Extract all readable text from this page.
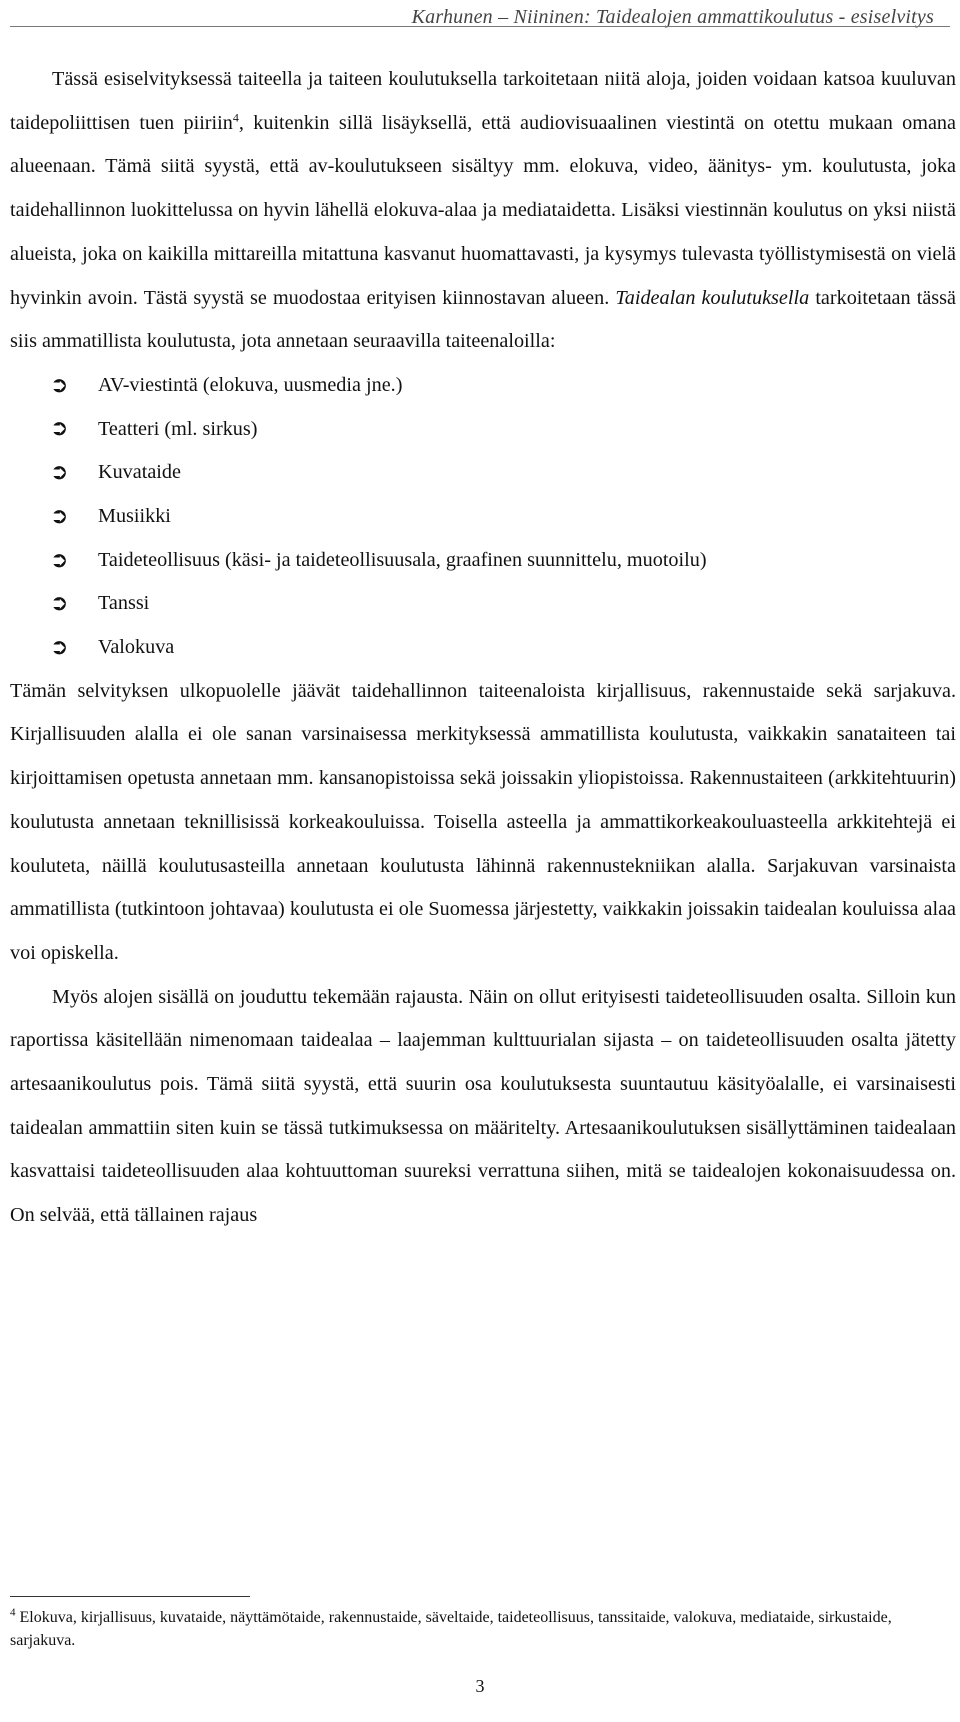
Karhunen – Niininen: Taidealojen ammattikoulutus - esiselvitys

Tässä esiselvityksessä taiteella ja taiteen koulutuksella tarkoitetaan niitä aloja, joiden voidaan katsoa kuuluvan taidepoliittisen tuen piiriin$^4$, kuitenkin sillä lisäyksellä, että audiovisuaalinen viestintä on otettu mukaan omana alueenaan. Tämä siitä syystä, että av-koulutukseen sisältyy mm. elokuva, video, äänitys- ym. koulutusta, joka taidehallinnon luokittelussa on hyvin lähellä elokuva-alaa ja mediataidetta. Lisäksi viestinnän koulutus on yksi niistä alueista, joka on kaikilla mittareilla mitattuna kasvanut huomattavasti, ja kysymys tulevasta työllistymisestä on vielä hyvinkin avoin. Tästä syystä se muodostaa erityisen kiinnostavan alueen. Taidealan koulutuksella tarkoitetaan tässä siis ammatillista koulutusta, jota annetaan seuraavilla taiteenaloilla:

➲	AV-viestintä (elokuva, uusmedia jne.)
➲	Teatteri (ml. sirkus)
➲	Kuvataide
➲	Musiikki
➲	Taideteollisuus (käsi- ja taideteollisuusala, graafinen suunnittelu, muotoilu)
➲	Tanssi
➲	Valokuva

Tämän selvityksen ulkopuolelle jäävät taidehallinnon taiteenaloista kirjallisuus, rakennustaide sekä sarjakuva. Kirjallisuuden alalla ei ole sanan varsinaisessa merkityksessä ammatillista koulutusta, vaikkakin sanataiteen tai kirjoittamisen opetusta annetaan mm. kansanopistoissa sekä joissakin yliopistoissa. Rakennustaiteen (arkkitehtuurin) koulutusta annetaan teknillisissä korkeakouluissa. Toisella asteella ja ammattikorkeakouluasteella arkkitehtejä ei kouluteta, näillä koulutusasteilla annetaan koulutusta lähinnä rakennustekniikan alalla. Sarjakuvan varsinaista ammatillista (tutkintoon johtavaa) koulutusta ei ole Suomessa järjestetty, vaikkakin joissakin taidealan kouluissa alaa voi opiskella.

Myös alojen sisällä on jouduttu tekemään rajausta. Näin on ollut erityisesti taideteollisuuden osalta. Silloin kun raportissa käsitellään nimenomaan taidealaa – laajemman kulttuurialan sijasta – on taideteollisuuden osalta jätetty artesaanikoulutus pois. Tämä siitä syystä, että suurin osa koulutuksesta suuntautuu käsityöalalle, ei varsinaisesti taidealan ammattiin siten kuin se tässä tutkimuksessa on määritelty. Artesaanikoulutuksen sisällyttäminen taidealaan kasvattaisi taideteollisuuden alaa kohtuuttoman suureksi verrattuna siihen, mitä se taidealojen kokonaisuudessa on. On selvää, että tällainen rajaus

$^4$ Elokuva, kirjallisuus, kuvataide, näyttämötaide, rakennustaide, säveltaide, taideteollisuus, tanssitaide, valokuva, mediataide, sirkustaide, sarjakuva.
3
